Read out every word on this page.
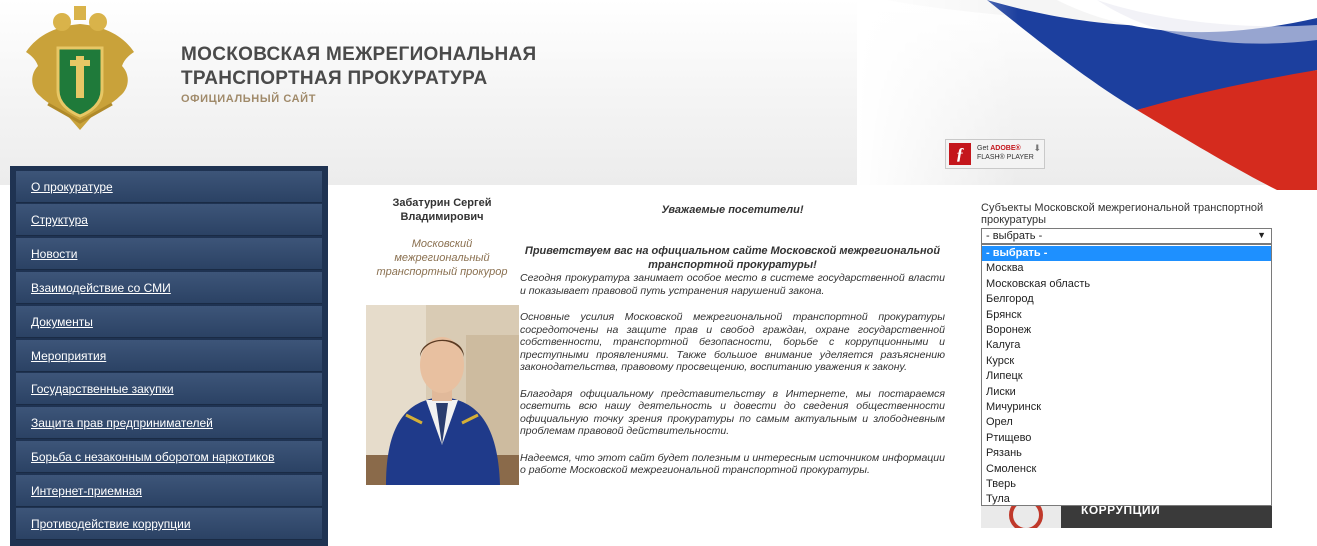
МОСКОВСКАЯ МЕЖРЕГИОНАЛЬНАЯ
ТРАНСПОРТНАЯ ПРОКУРАТУРА
ОФИЦИАЛЬНЫЙ САЙТ
ƒ	Get ADOBE®
FLASH® PLAYER
⬇
О прокуратуре
Структура
Новости
Взаимодействие со СМИ
Документы
Мероприятия
Государственные закупки
Защита прав предпринимателей
Борьба с незаконным оборотом наркотиков
Интернет-приемная
Противодействие коррупции
Забатурин Сергей
Владимирович
Московский
межрегиональный
транспортный прокурор

Уважаемые посетители!

Приветствуем вас на официальном сайте Московской межрегиональной транспортной прокуратуры!

Сегодня прокуратура занимает особое место в системе государственной власти и показывает правовой путь устранения нарушений закона.

Основные усилия Московской межрегиональной транспортной прокуратуры сосредоточены на защите прав и свобод граждан, охране государственной собственности, транспортной безопасности, борьбе с коррупционными и преступными проявлениями. Также большое внимание уделяется разъяснению законодательства, правовому просвещению, воспитанию уважения к закону.

Благодаря официальному представительству в Интернете, мы постараемся осветить всю нашу деятельность и довести до сведения общественности официальную точку зрения прокуратуры по самым актуальным и злободневным проблемам правовой действительности.

Надеемся, что этот сайт будет полезным и интересным источником информации о работе Московской межрегиональной транспортной прокуратуры.

Субъекты Московской межрегиональной транспортной прокуратуры
- выбрать -	▼
- выбрать -
Москва
Московская область
Белгород
Брянск
Воронеж
Калуга
Курск
Липецк
Лиски
Мичуринск
Орел
Ртищево
Рязань
Смоленск
Тверь
Тула
КОРРУПЦИИ
